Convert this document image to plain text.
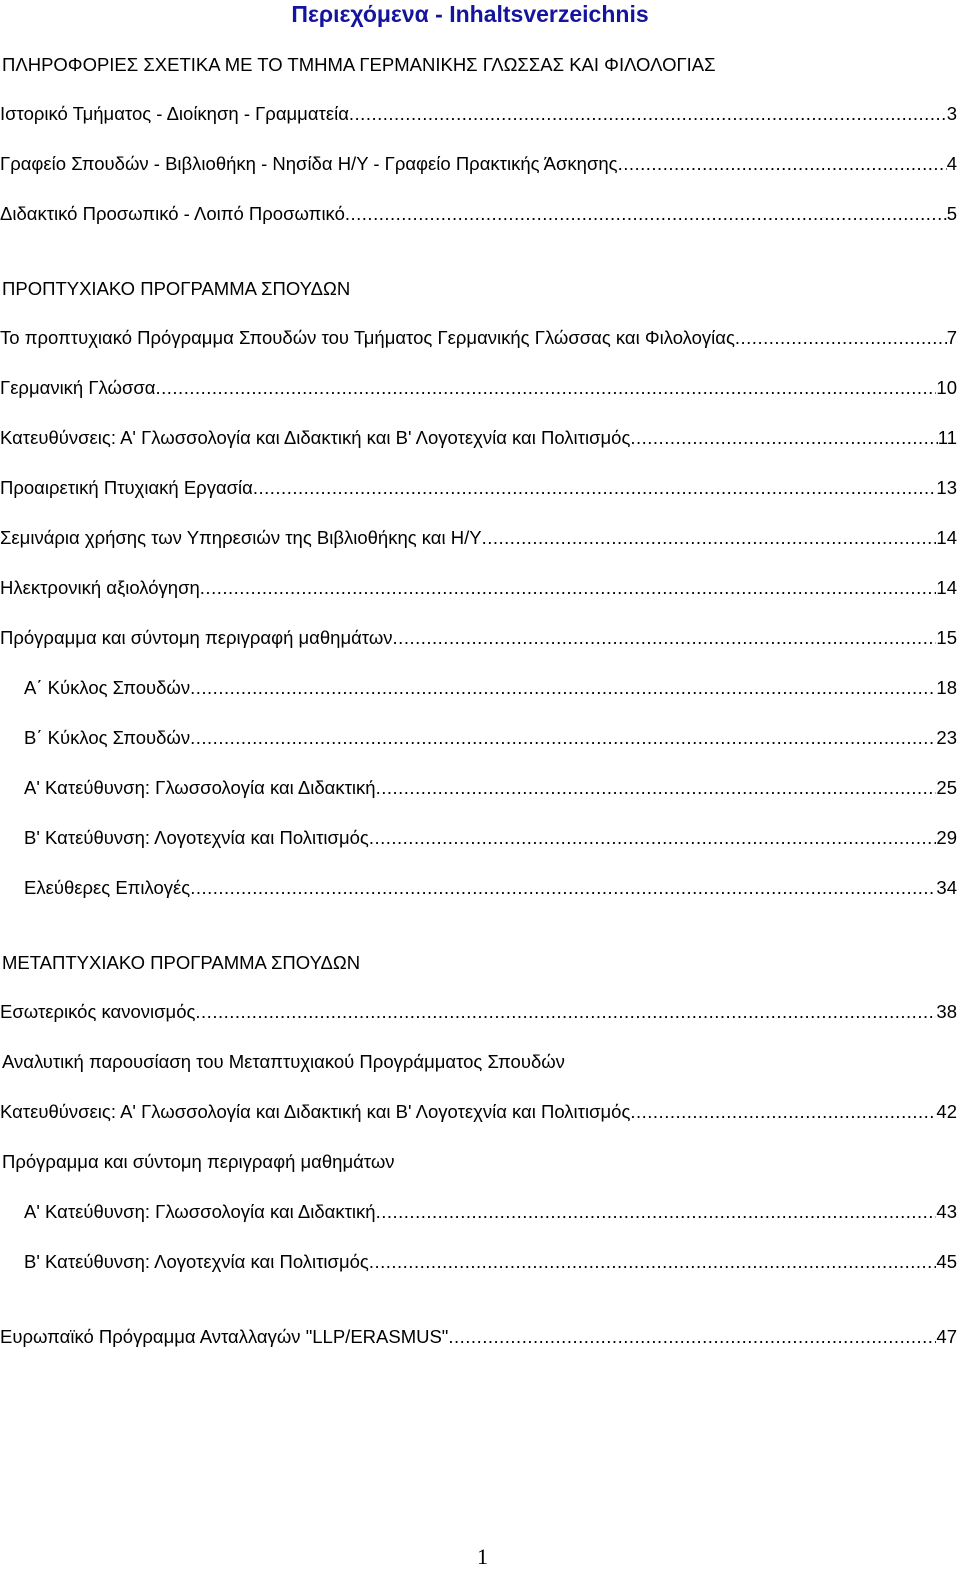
Περιεχόμενα - Inhaltsverzeichnis
ΠΛΗΡΟΦΟΡΙΕΣ ΣΧΕΤΙΚΑ ΜΕ ΤΟ ΤΜΗΜΑ ΓΕΡΜΑΝΙΚΗΣ ΓΛΩΣΣΑΣ ΚΑΙ ΦΙΛΟΛΟΓΙΑΣ
Ιστορικό Τμήματος - Διοίκηση - Γραμματεία .....	3
Γραφείο Σπουδών - Βιβλιοθήκη - Νησίδα Η/Υ - Γραφείο Πρακτικής Άσκησης .....	4
Διδακτικό Προσωπικό - Λοιπό Προσωπικό .....	5
ΠΡΟΠΤΥΧΙΑΚΟ ΠΡΟΓΡΑΜΜΑ ΣΠΟΥΔΩΝ
Το προπτυχιακό Πρόγραμμα Σπουδών του Τμήματος Γερμανικής Γλώσσας και Φιλολογίας .....	7
Γερμανική Γλώσσα .....	10
Κατευθύνσεις: Α' Γλωσσολογία και Διδακτική και Β' Λογοτεχνία και Πολιτισμός .....	11
Προαιρετική Πτυχιακή Εργασία .....	13
Σεμινάρια χρήσης των Υπηρεσιών της Βιβλιοθήκης και Η/Υ .....	14
Ηλεκτρονική αξιολόγηση .....	14
Πρόγραμμα και σύντομη περιγραφή μαθημάτων .....	15
Α΄ Κύκλος Σπουδών .....	18
Β΄ Κύκλος Σπουδών .....	23
Α' Κατεύθυνση: Γλωσσολογία και Διδακτική .....	25
Β' Κατεύθυνση: Λογοτεχνία και Πολιτισμός .....	29
Ελεύθερες Επιλογές .....	34
ΜΕΤΑΠΤΥΧΙΑΚΟ ΠΡΟΓΡΑΜΜΑ ΣΠΟΥΔΩΝ
Εσωτερικός κανονισμός .....	38
Αναλυτική παρουσίαση του Μεταπτυχιακού Προγράμματος Σπουδών
Κατευθύνσεις: Α' Γλωσσολογία και Διδακτική και Β' Λογοτεχνία και Πολιτισμός .....	42
Πρόγραμμα και σύντομη περιγραφή μαθημάτων
Α' Κατεύθυνση: Γλωσσολογία και Διδακτική .....	43
Β' Κατεύθυνση: Λογοτεχνία και Πολιτισμός .....	45
Ευρωπαϊκό Πρόγραμμα Ανταλλαγών "LLP/ERASMUS" .....	47
1
